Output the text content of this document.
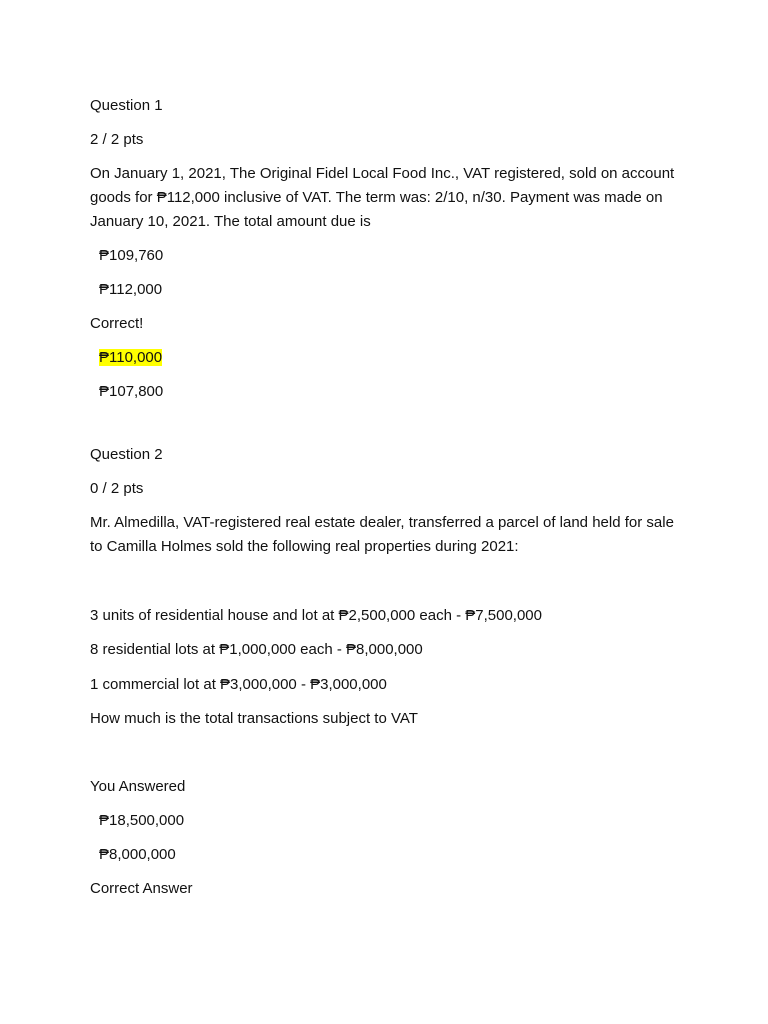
Question 1

2 / 2 pts

On January 1, 2021, The Original Fidel Local Food Inc., VAT registered, sold on account goods for ₱112,000 inclusive of VAT. The term was: 2/10, n/30. Payment was made on January 10, 2021. The total amount due is

₱109,760

₱112,000

Correct!

₱110,000

₱107,800

Question 2

0 / 2 pts

Mr. Almedilla, VAT-registered real estate dealer, transferred a parcel of land held for sale to Camilla Holmes sold the following real properties during 2021:

3 units of residential house and lot at ₱2,500,000 each - ₱7,500,000

8 residential lots at ₱1,000,000 each - ₱8,000,000

1 commercial lot at ₱3,000,000 - ₱3,000,000

How much is the total transactions subject to VAT

You Answered

₱18,500,000

₱8,000,000

Correct Answer
